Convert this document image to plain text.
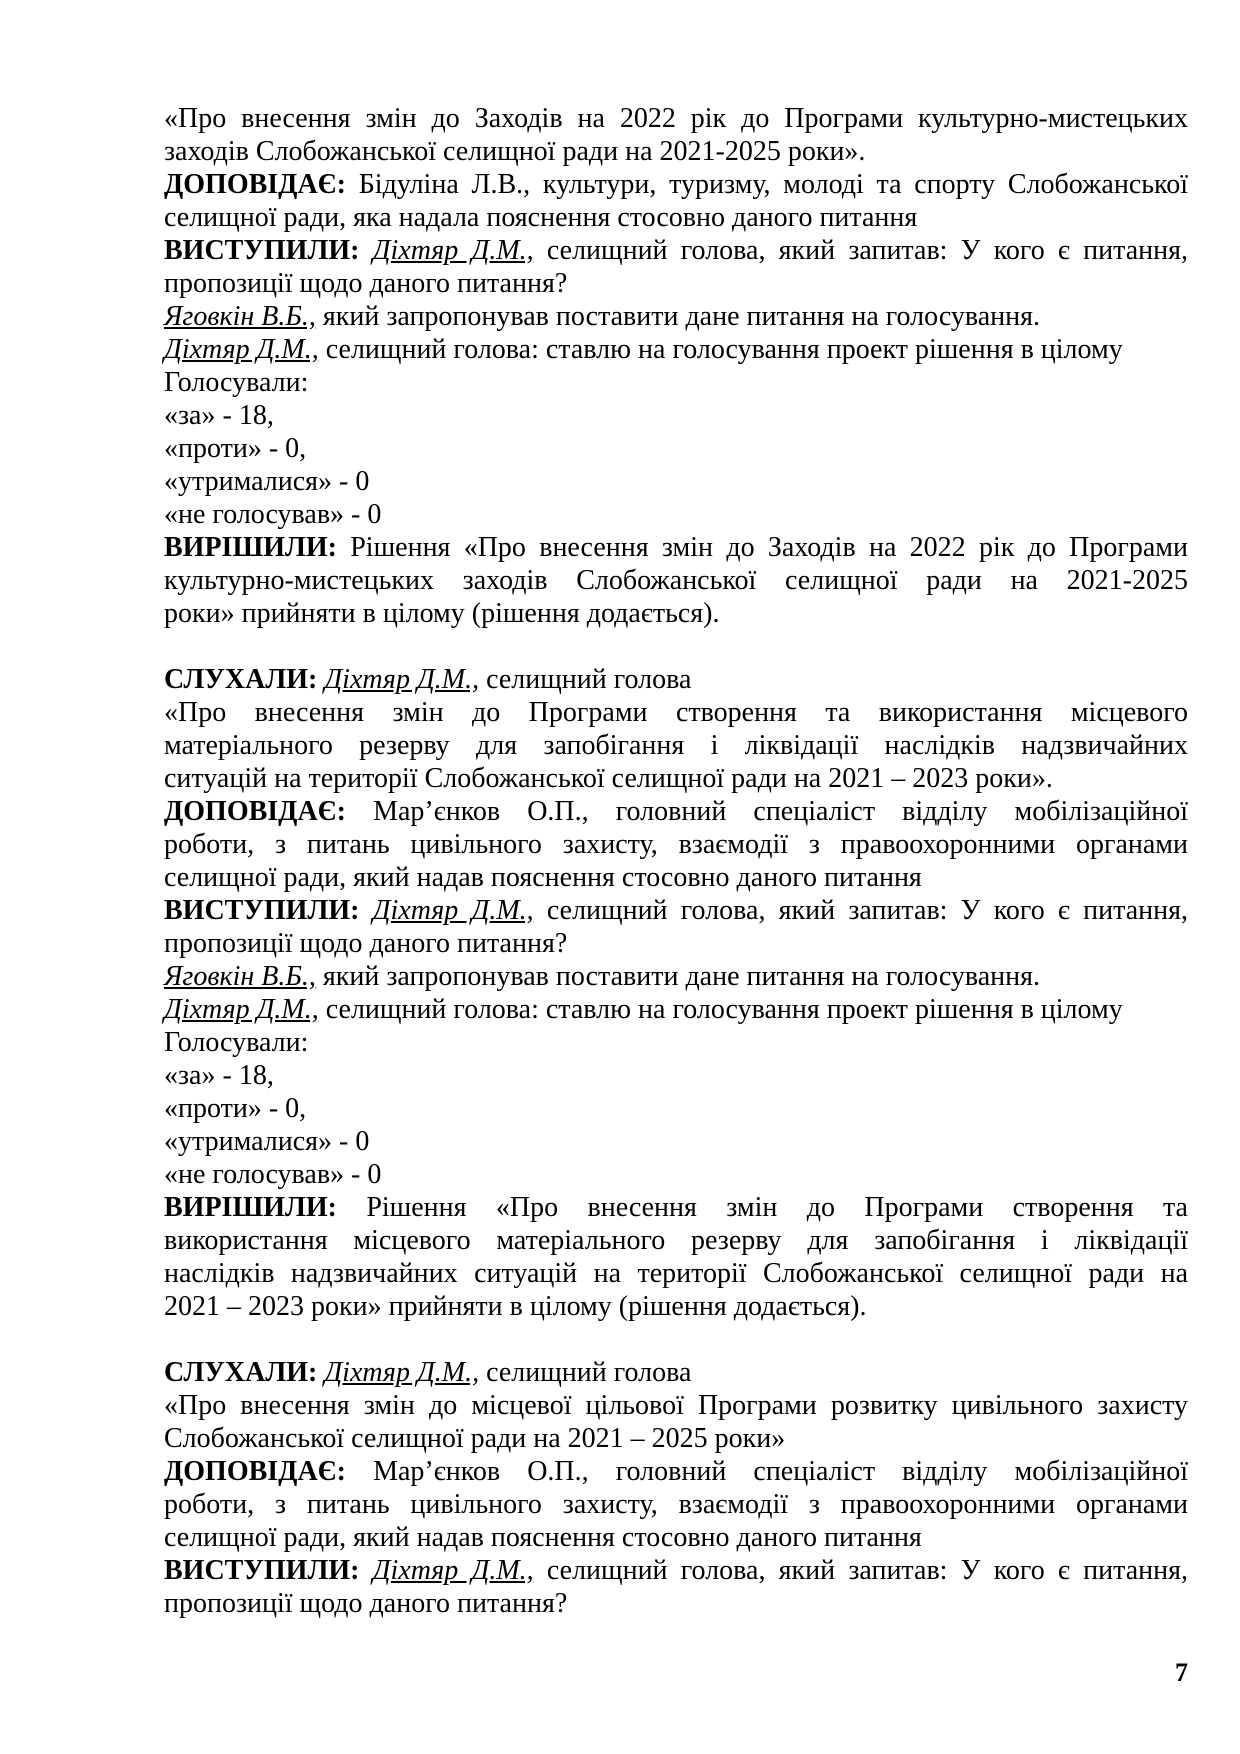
«Про внесення змін до Заходів на 2022 рік до Програми культурно-мистецьких
заходів Слобожанської селищної ради на 2021-2025 роки».
ДОПОВІДАЄ: Бідуліна Л.В., культури, туризму, молоді та спорту Слобожанської
селищної ради, яка надала пояснення стосовно даного питання
ВИСТУПИЛИ: Діхтяр Д.М., селищний голова, який запитав: У кого є питання,
пропозиції щодо даного питання?
Яговкін В.Б., який запропонував поставити дане питання на голосування.
Діхтяр Д.М., селищний голова: ставлю на голосування проект рішення в цілому
Голосували:
«за» - 18,
«проти» - 0,
«утрималися» - 0
«не голосував» - 0
ВИРІШИЛИ: Рішення «Про внесення змін до Заходів на 2022 рік до Програми
культурно-мистецьких заходів Слобожанської селищної ради на 2021-2025
роки» прийняти в цілому (рішення додається).
СЛУХАЛИ: Діхтяр Д.М., селищний голова
«Про внесення змін до Програми створення та використання місцевого
матеріального резерву для запобігання і ліквідації наслідків надзвичайних
ситуацій на території Слобожанської селищної ради на 2021 – 2023 роки».
ДОПОВІДАЄ: Мар’єнков О.П., головний спеціаліст відділу мобілізаційної
роботи, з питань цивільного захисту, взаємодії з правоохоронними органами
селищної ради, який надав пояснення стосовно даного питання
ВИСТУПИЛИ: Діхтяр Д.М., селищний голова, який запитав: У кого є питання,
пропозиції щодо даного питання?
Яговкін В.Б., який запропонував поставити дане питання на голосування.
Діхтяр Д.М., селищний голова: ставлю на голосування проект рішення в цілому
Голосували:
«за» - 18,
«проти» - 0,
«утрималися» - 0
«не голосував» - 0
ВИРІШИЛИ: Рішення «Про внесення змін до Програми створення та
використання місцевого матеріального резерву для запобігання і ліквідації
наслідків надзвичайних ситуацій на території Слобожанської селищної ради на
2021 – 2023 роки» прийняти в цілому (рішення додається).
СЛУХАЛИ: Діхтяр Д.М., селищний голова
«Про внесення змін до місцевої цільової Програми розвитку цивільного захисту
Слобожанської селищної ради на 2021 – 2025 роки»
ДОПОВІДАЄ: Мар’єнков О.П., головний спеціаліст відділу мобілізаційної
роботи, з питань цивільного захисту, взаємодії з правоохоронними органами
селищної ради, який надав пояснення стосовно даного питання
ВИСТУПИЛИ: Діхтяр Д.М., селищний голова, який запитав: У кого є питання,
пропозиції щодо даного питання?
7
